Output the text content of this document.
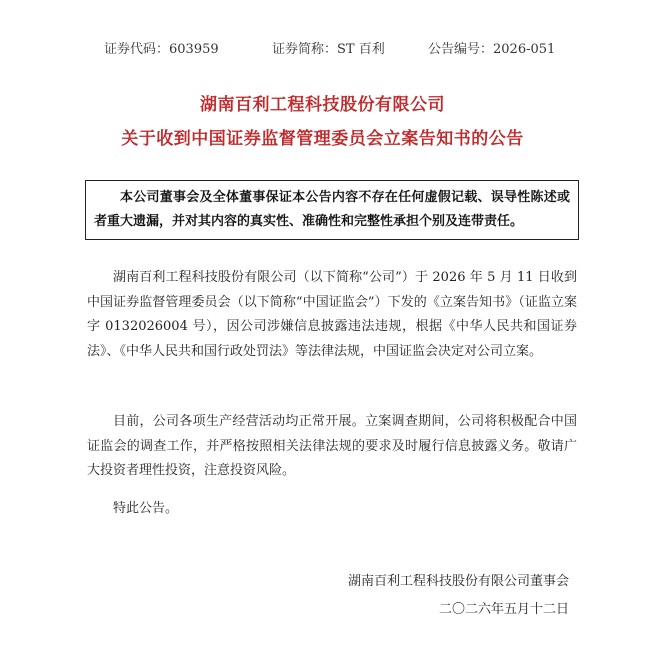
证券代码：603959	证券简称：ST 百利	公告编号：2026-051
湖南百利工程科技股份有限公司
关于收到中国证券监督管理委员会立案告知书的公告

本公司董事会及全体董事保证本公告内容不存在任何虚假记载、误导性陈述或者重大遗漏，并对其内容的真实性、准确性和完整性承担个别及连带责任。

湖南百利工程科技股份有限公司（以下简称“公司”）于 2026 年 5 月 11 日收到中国证券监督管理委员会（以下简称“中国证监会”）下发的《立案告知书》（证监立案字 0132026004 号），因公司涉嫌信息披露违法违规，根据《中华人民共和国证券法》、《中华人民共和国行政处罚法》等法律法规，中国证监会决定对公司立案。

目前，公司各项生产经营活动均正常开展。立案调查期间，公司将积极配合中国证监会的调查工作，并严格按照相关法律法规的要求及时履行信息披露义务。敬请广大投资者理性投资，注意投资风险。

特此公告。

湖南百利工程科技股份有限公司董事会
二〇二六年五月十二日
